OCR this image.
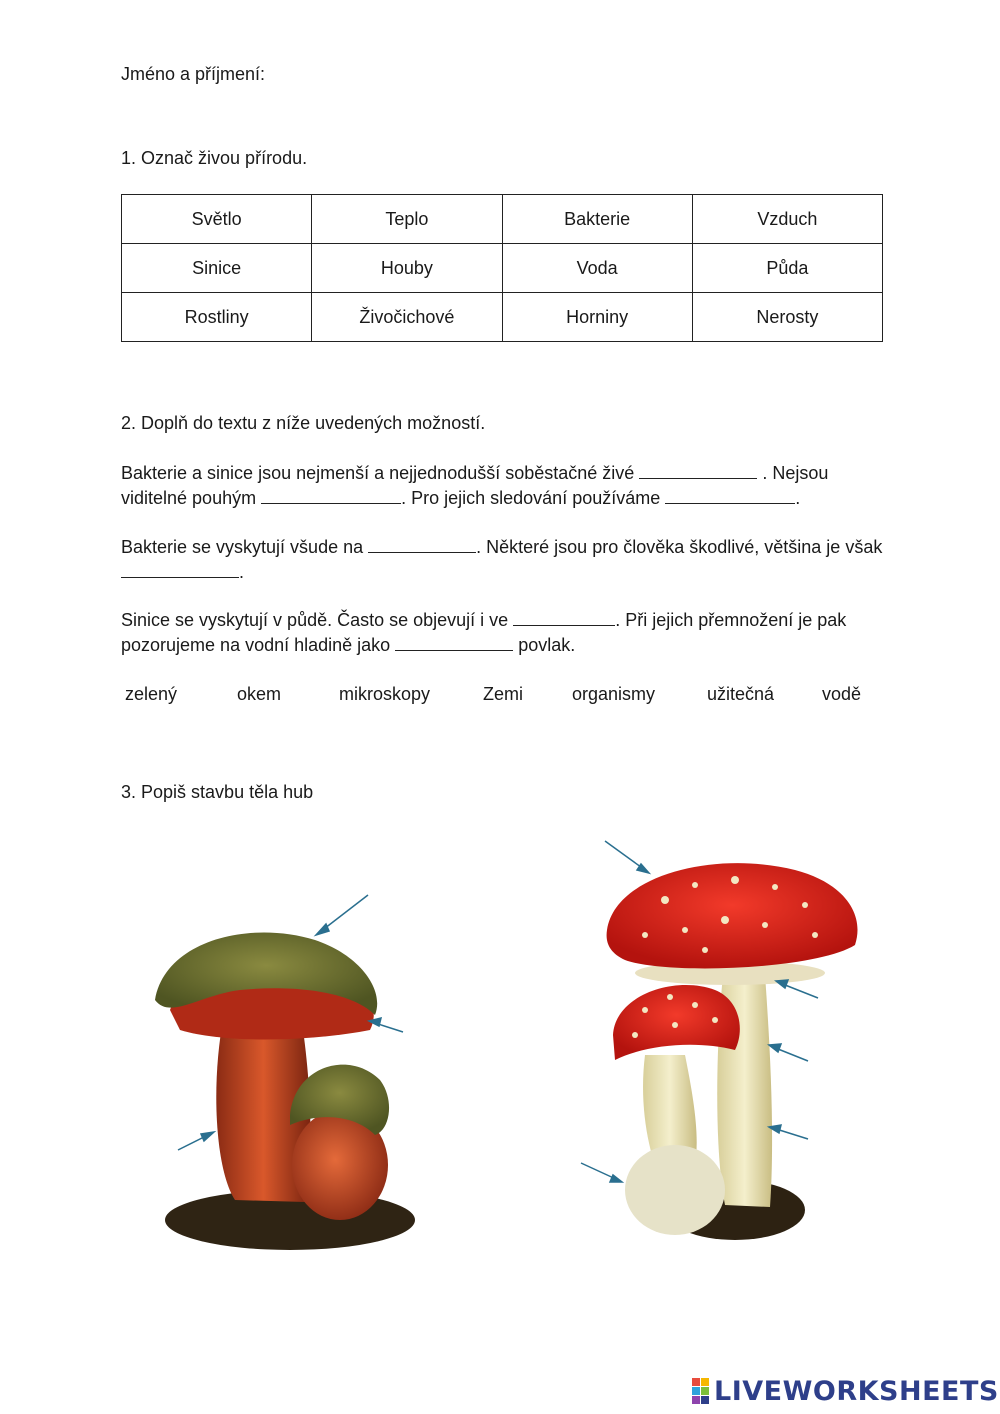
Jméno a příjmení:
1. Označ živou přírodu.
Světlo	Teplo	Bakterie	Vzduch
Sinice	Houby	Voda	Půda
Rostliny	Živočichové	Horniny	Nerosty
2. Doplň do textu z níže uvedených možností.
Bakterie a sinice jsou nejmenší a nejjednodušší soběstačné živé	. Nejsou viditelné pouhým	. Pro jejich sledování používáme	.
Bakterie se vyskytují všude na	. Některé jsou pro člověka škodlivé, většina je však .
Sinice se vyskytují v půdě. Často se objevují i ve	. Při jejich přemnožení je pak pozorujeme na vodní hladině jako	povlak.
zelený	okem	mikroskopy	Zemi	organismy	užitečná	vodě
3. Popiš stavbu těla hub
LIVEWORKSHEETS
